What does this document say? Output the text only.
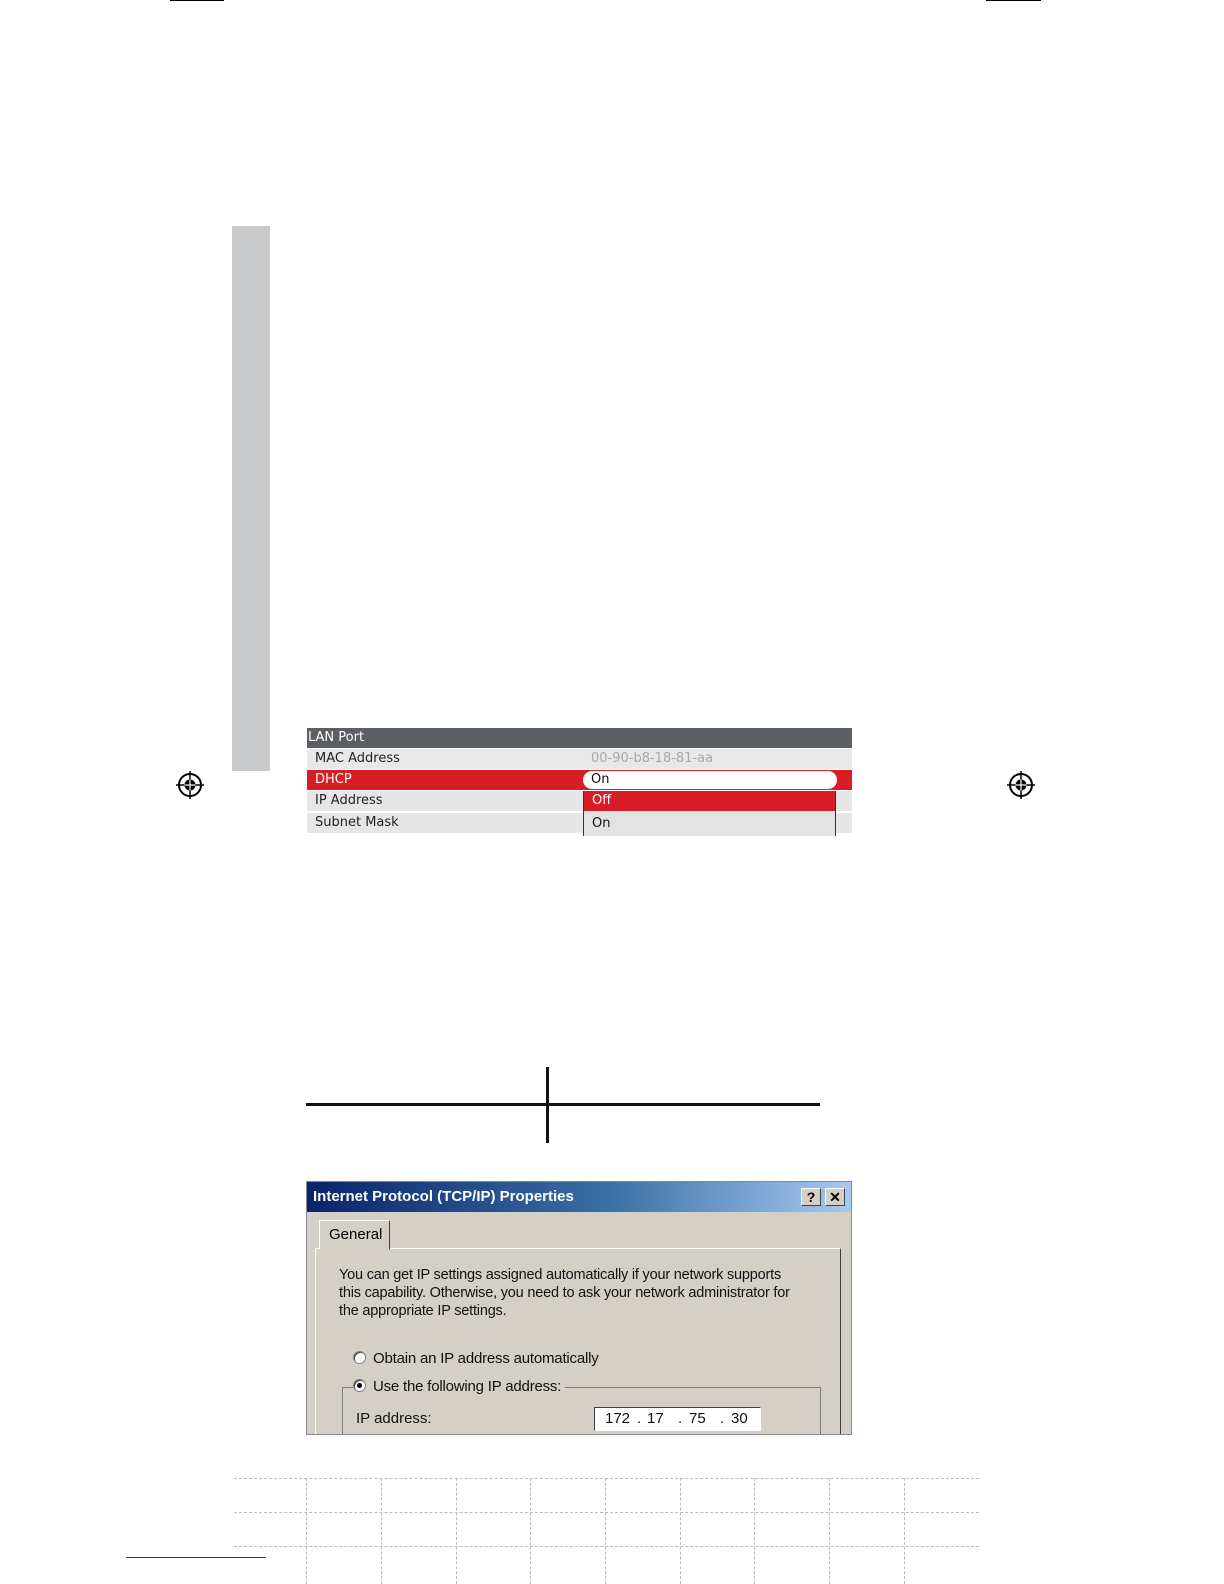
LAN Port
MAC Address	00-90-b8-18-81-aa
DHCP	On
IP Address
Subnet Mask
Off
On
Internet Protocol (TCP/IP) Properties	? ✕
General
You can get IP settings assigned automatically if your network supports
this capability. Otherwise, you need to ask your network administrator for
the appropriate IP settings.
Obtain an IP address automatically
Use the following IP address:
IP address:	172 . 17 . 75 . 30
